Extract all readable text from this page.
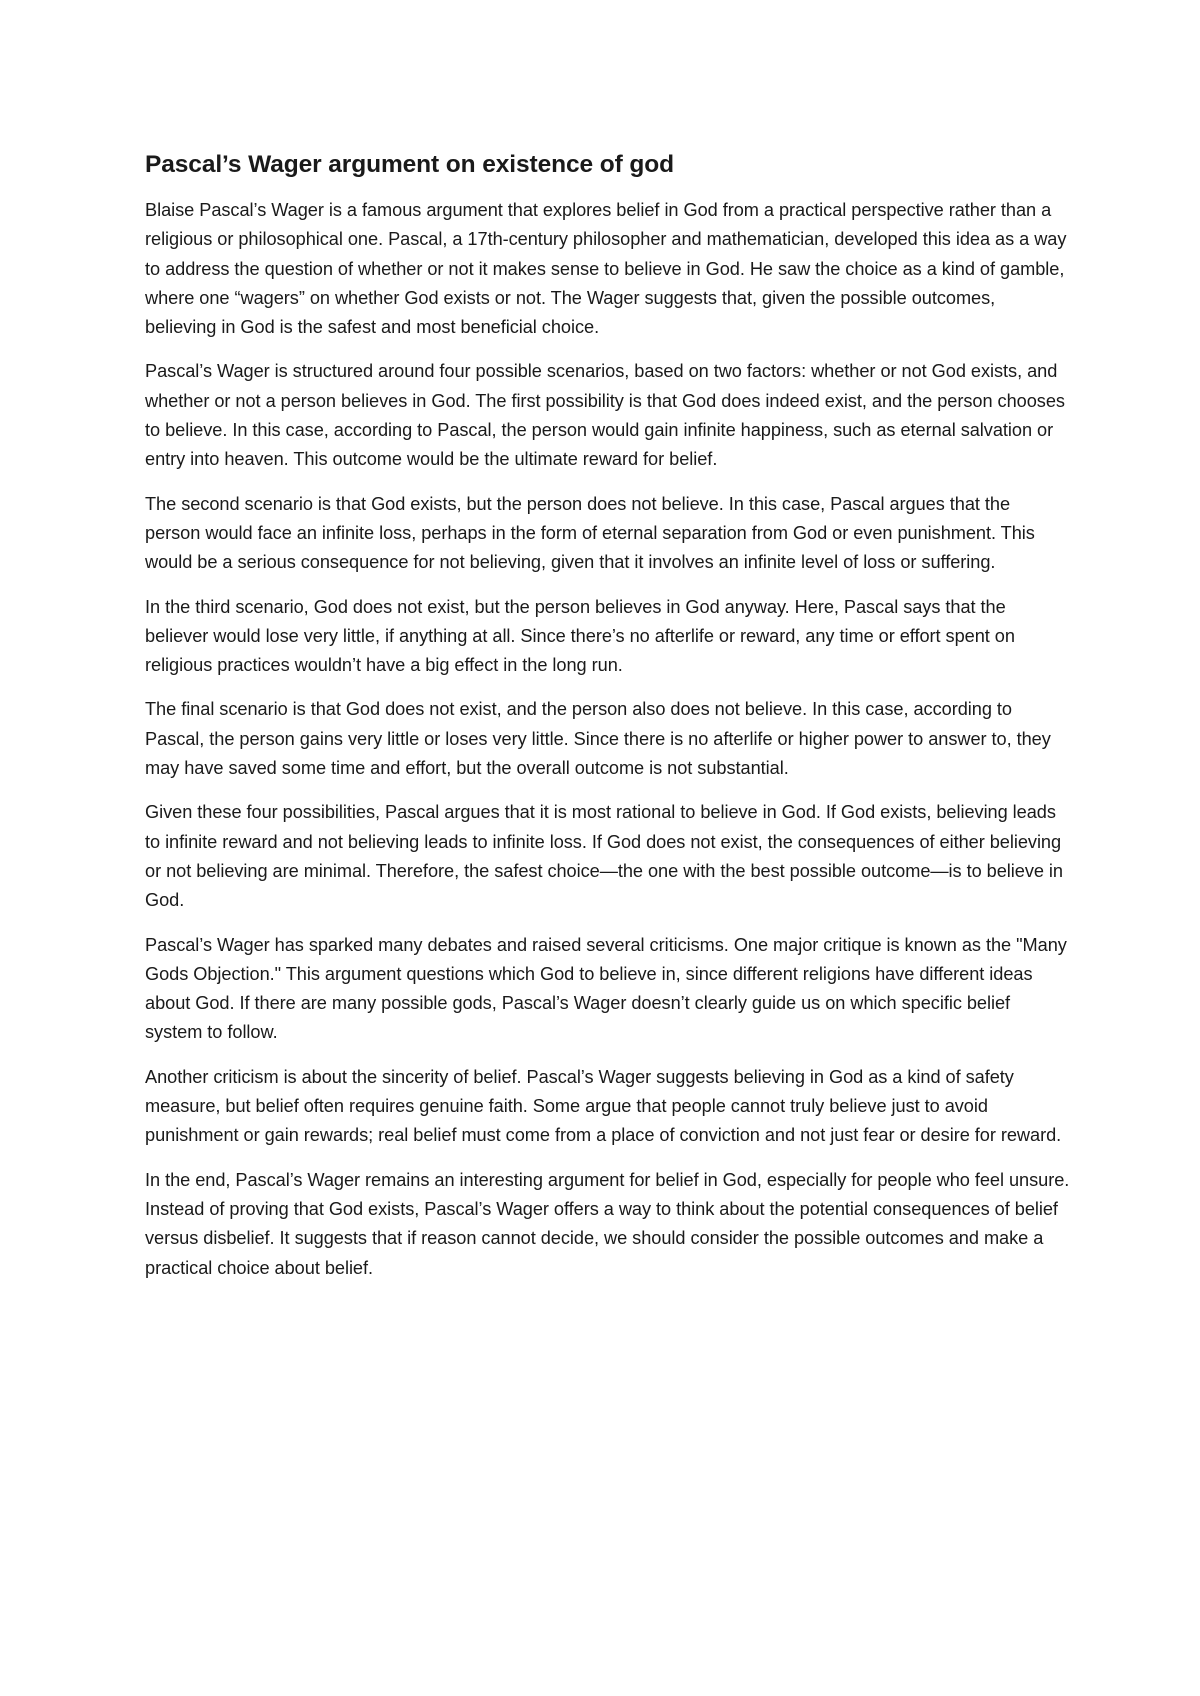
Pascal’s Wager argument on existence of god

Blaise Pascal’s Wager is a famous argument that explores belief in God from a practical perspective rather than a religious or philosophical one. Pascal, a 17th-century philosopher and mathematician, developed this idea as a way to address the question of whether or not it makes sense to believe in God. He saw the choice as a kind of gamble, where one “wagers” on whether God exists or not. The Wager suggests that, given the possible outcomes, believing in God is the safest and most beneficial choice.

Pascal’s Wager is structured around four possible scenarios, based on two factors: whether or not God exists, and whether or not a person believes in God. The first possibility is that God does indeed exist, and the person chooses to believe. In this case, according to Pascal, the person would gain infinite happiness, such as eternal salvation or entry into heaven. This outcome would be the ultimate reward for belief.

The second scenario is that God exists, but the person does not believe. In this case, Pascal argues that the person would face an infinite loss, perhaps in the form of eternal separation from God or even punishment. This would be a serious consequence for not believing, given that it involves an infinite level of loss or suffering.

In the third scenario, God does not exist, but the person believes in God anyway. Here, Pascal says that the believer would lose very little, if anything at all. Since there’s no afterlife or reward, any time or effort spent on religious practices wouldn’t have a big effect in the long run.

The final scenario is that God does not exist, and the person also does not believe. In this case, according to Pascal, the person gains very little or loses very little. Since there is no afterlife or higher power to answer to, they may have saved some time and effort, but the overall outcome is not substantial.

Given these four possibilities, Pascal argues that it is most rational to believe in God. If God exists, believing leads to infinite reward and not believing leads to infinite loss. If God does not exist, the consequences of either believing or not believing are minimal. Therefore, the safest choice—the one with the best possible outcome—is to believe in God.

Pascal’s Wager has sparked many debates and raised several criticisms. One major critique is known as the "Many Gods Objection." This argument questions which God to believe in, since different religions have different ideas about God. If there are many possible gods, Pascal’s Wager doesn’t clearly guide us on which specific belief system to follow.

Another criticism is about the sincerity of belief. Pascal’s Wager suggests believing in God as a kind of safety measure, but belief often requires genuine faith. Some argue that people cannot truly believe just to avoid punishment or gain rewards; real belief must come from a place of conviction and not just fear or desire for reward.

In the end, Pascal’s Wager remains an interesting argument for belief in God, especially for people who feel unsure. Instead of proving that God exists, Pascal’s Wager offers a way to think about the potential consequences of belief versus disbelief. It suggests that if reason cannot decide, we should consider the possible outcomes and make a practical choice about belief.
